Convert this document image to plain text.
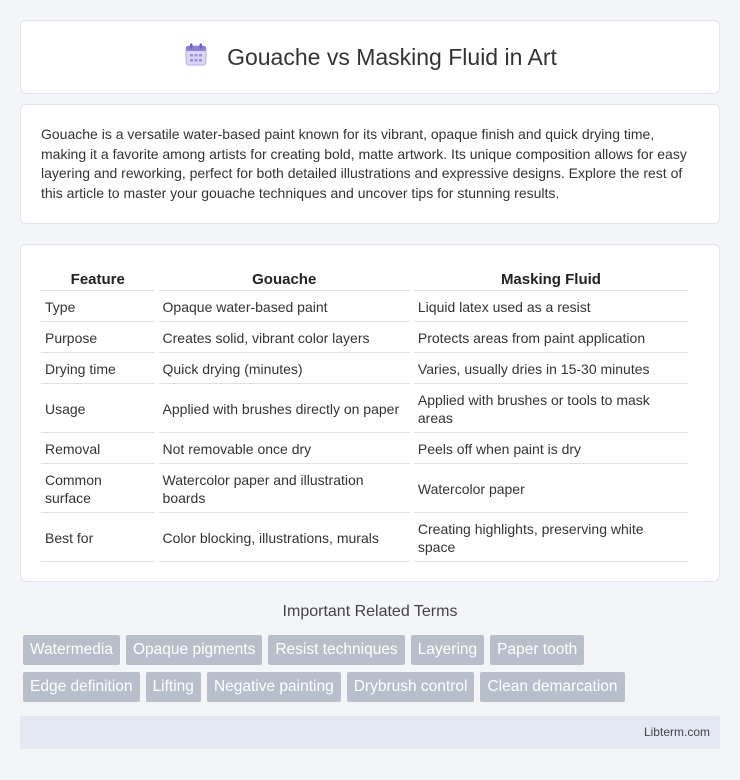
Gouache vs Masking Fluid in Art

Gouache is a versatile water-based paint known for its vibrant, opaque finish and quick drying time, making it a favorite among artists for creating bold, matte artwork. Its unique composition allows for easy layering and reworking, perfect for both detailed illustrations and expressive designs. Explore the rest of this article to master your gouache techniques and uncover tips for stunning results.

Feature	Gouache	Masking Fluid
Type	Opaque water-based paint	Liquid latex used as a resist
Purpose	Creates solid, vibrant color layers	Protects areas from paint application
Drying time	Quick drying (minutes)	Varies, usually dries in 15-30 minutes
Usage	Applied with brushes directly on paper	Applied with brushes or tools to mask areas
Removal	Not removable once dry	Peels off when paint is dry
Common surface	Watercolor paper and illustration boards	Watercolor paper
Best for	Color blocking, illustrations, murals	Creating highlights, preserving white space
Important Related Terms
Watermedia	Opaque pigments	Resist techniques	Layering	Paper tooth
Edge definition	Lifting	Negative painting	Drybrush control	Clean demarcation
Libterm.com
